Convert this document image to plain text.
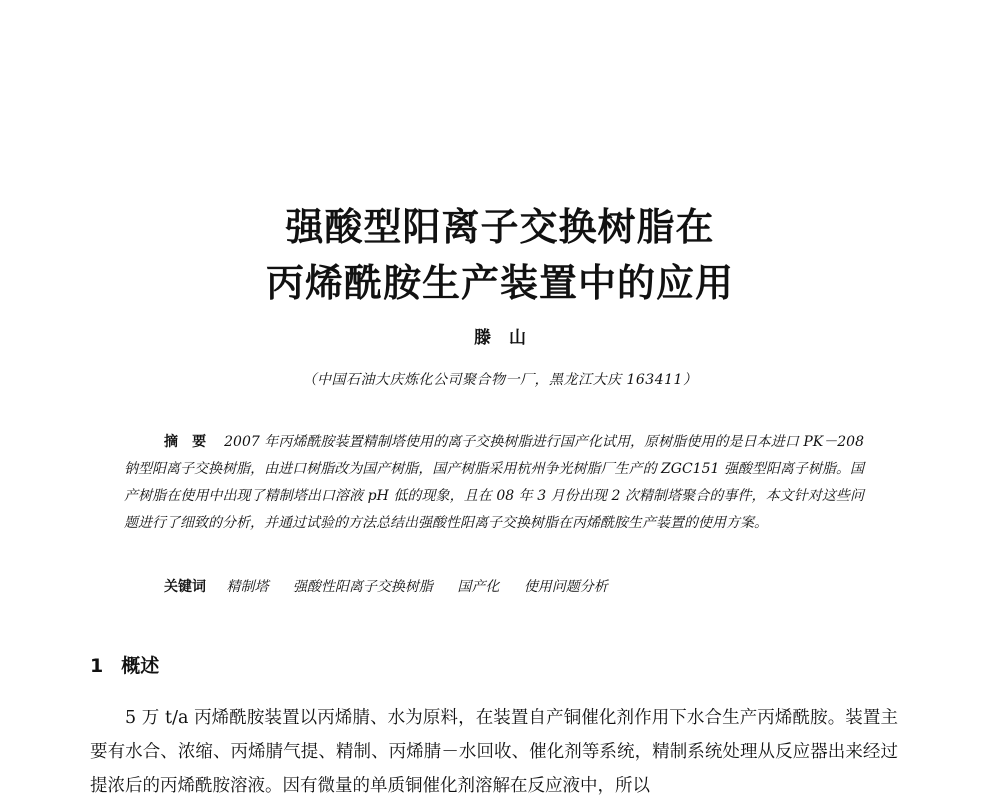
强酸型阳离子交换树脂在
丙烯酰胺生产装置中的应用
滕山
（中国石油大庆炼化公司聚合物一厂，黑龙江大庆 163411）
摘要 2007 年丙烯酰胺装置精制塔使用的离子交换树脂进行国产化试用，原树脂使用的是日本进口 PK－208 钠型阳离子交换树脂，由进口树脂改为国产树脂，国产树脂采用杭州争光树脂厂生产的 ZGC151 强酸型阳离子树脂。国产树脂在使用中出现了精制塔出口溶液 pH 低的现象，且在 08 年 3 月份出现 2 次精制塔聚合的事件，本文针对这些问题进行了细致的分析，并通过试验的方法总结出强酸性阳离子交换树脂在丙烯酰胺生产装置的使用方案。
关键词 精制塔 强酸性阳离子交换树脂 国产化 使用问题分析
1 概述

5 万 t/a 丙烯酰胺装置以丙烯腈、水为原料，在装置自产铜催化剂作用下水合生产丙烯酰胺。装置主要有水合、浓缩、丙烯腈气提、精制、丙烯腈－水回收、催化剂等系统，精制系统处理从反应器出来经过提浓后的丙烯酰胺溶液。因有微量的单质铜催化剂溶解在反应液中，所以
